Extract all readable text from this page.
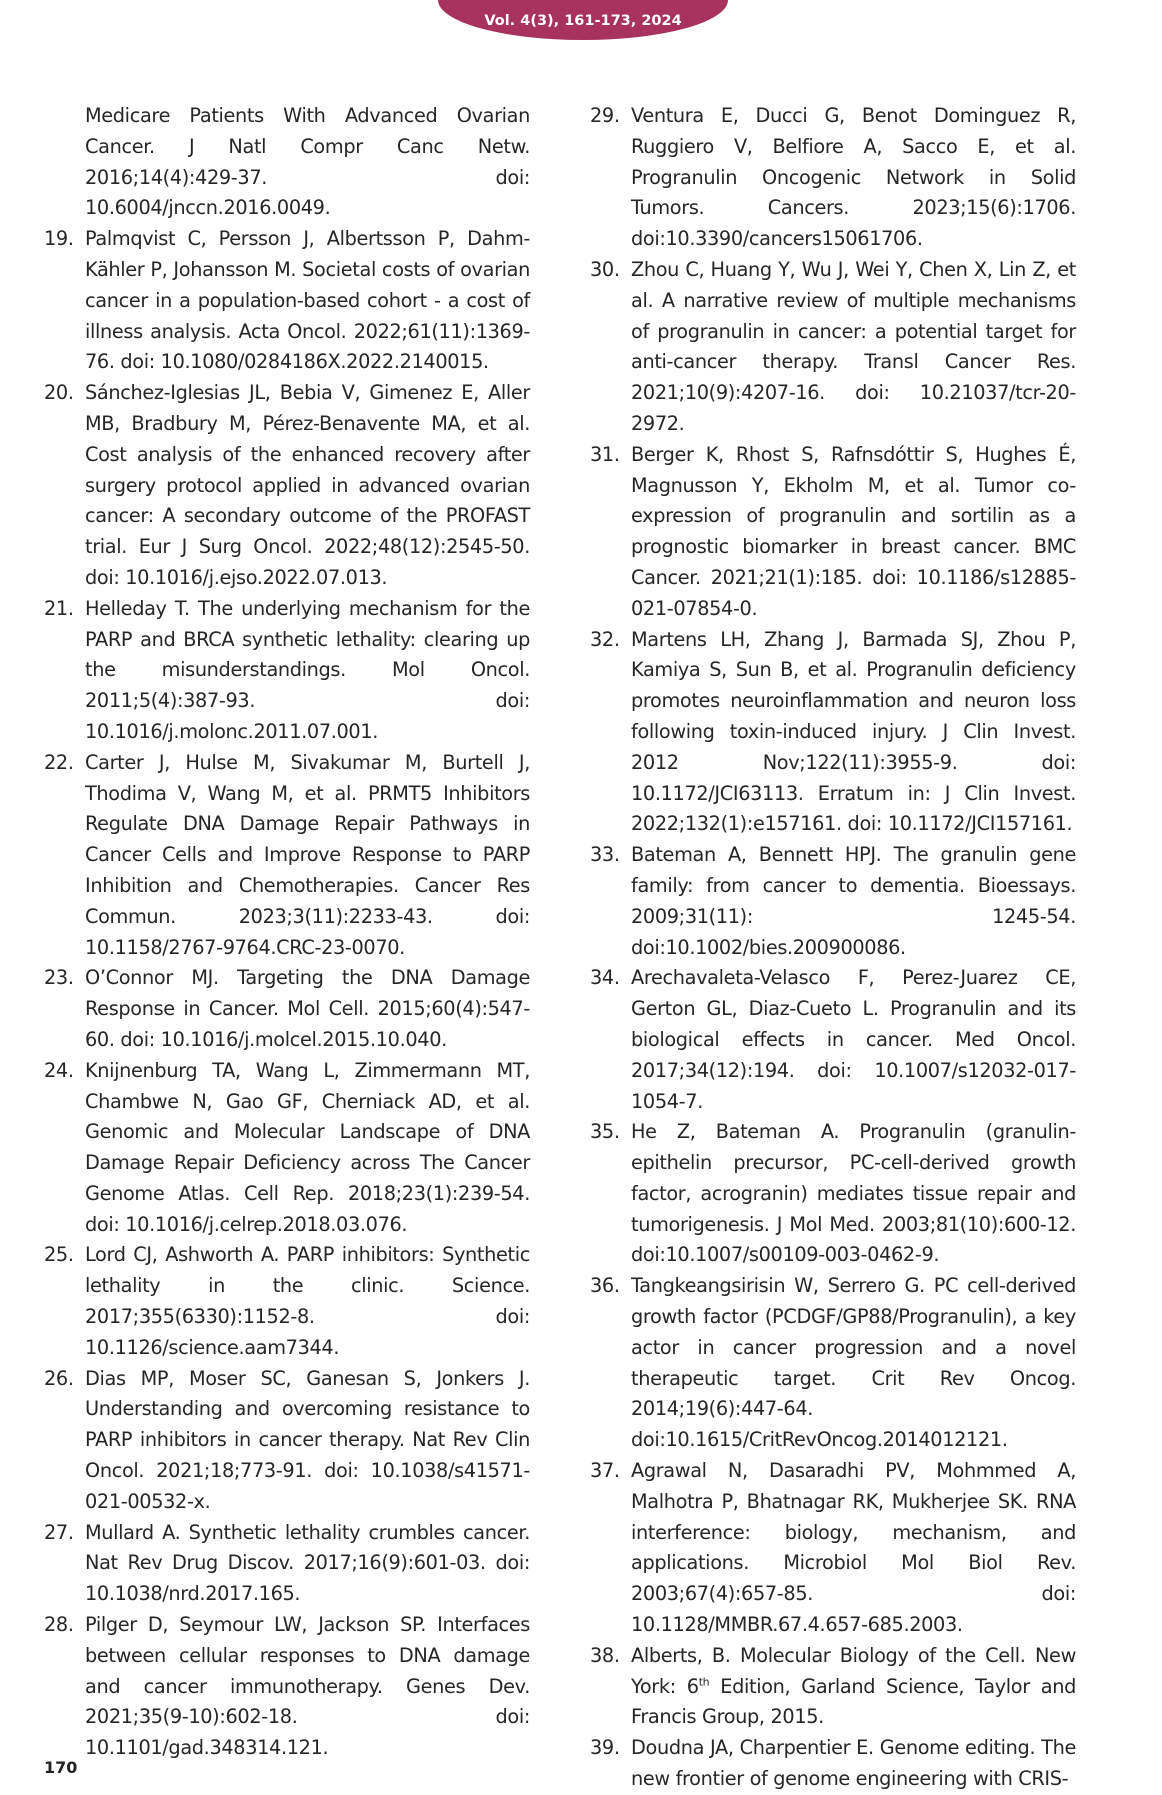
Vol. 4(3), 161-173, 2024
Medicare Patients With Advanced Ovarian Cancer. J Natl Compr Canc Netw. 2016;14(4):429-37. doi: 10.6004/jnccn.2016.0049.
19. Palmqvist C, Persson J, Albertsson P, Dahm-Kähler P, Johansson M. Societal costs of ovarian cancer in a population-based cohort - a cost of illness analysis. Acta Oncol. 2022;61(11):1369-76. doi: 10.1080/0284186X.2022.2140015.
20. Sánchez-Iglesias JL, Bebia V, Gimenez E, Aller MB, Bradbury M, Pérez-Benavente MA, et al. Cost analysis of the enhanced recovery after surgery protocol applied in advanced ovarian cancer: A secondary outcome of the PROFAST trial. Eur J Surg Oncol. 2022;48(12):2545-50. doi: 10.1016/j.ejso.2022.07.013.
21. Helleday T. The underlying mechanism for the PARP and BRCA synthetic lethality: clearing up the misunderstandings. Mol Oncol. 2011;5(4):387-93. doi: 10.1016/j.molonc.2011.07.001.
22. Carter J, Hulse M, Sivakumar M, Burtell J, Thodima V, Wang M, et al. PRMT5 Inhibitors Regulate DNA Damage Repair Pathways in Cancer Cells and Improve Response to PARP Inhibition and Chemotherapies. Cancer Res Commun. 2023;3(11):2233-43. doi: 10.1158/2767-9764.CRC-23-0070.
23. O’Connor MJ. Targeting the DNA Damage Response in Cancer. Mol Cell. 2015;60(4):547-60. doi: 10.1016/j.molcel.2015.10.040.
24. Knijnenburg TA, Wang L, Zimmermann MT, Chambwe N, Gao GF, Cherniack AD, et al. Genomic and Molecular Landscape of DNA Damage Repair Deficiency across The Cancer Genome Atlas. Cell Rep. 2018;23(1):239-54. doi: 10.1016/j.celrep.2018.03.076.
25. Lord CJ, Ashworth A. PARP inhibitors: Synthetic lethality in the clinic. Science. 2017;355(6330):1152-8. doi: 10.1126/science.aam7344.
26. Dias MP, Moser SC, Ganesan S, Jonkers J. Understanding and overcoming resistance to PARP inhibitors in cancer therapy. Nat Rev Clin Oncol. 2021;18;773-91. doi: 10.1038/s41571-021-00532-x.
27. Mullard A. Synthetic lethality crumbles cancer. Nat Rev Drug Discov. 2017;16(9):601-03. doi: 10.1038/nrd.2017.165.
28. Pilger D, Seymour LW, Jackson SP. Interfaces between cellular responses to DNA damage and cancer immunotherapy. Genes Dev. 2021;35(9-10):602-18. doi: 10.1101/gad.348314.121.
29. Ventura E, Ducci G, Benot Dominguez R, Ruggiero V, Belfiore A, Sacco E, et al. Progranulin Oncogenic Network in Solid Tumors. Cancers. 2023;15(6):1706. doi:10.3390/cancers15061706.
30. Zhou C, Huang Y, Wu J, Wei Y, Chen X, Lin Z, et al. A narrative review of multiple mechanisms of progranulin in cancer: a potential target for anti-cancer therapy. Transl Cancer Res. 2021;10(9):4207-16. doi: 10.21037/tcr-20-2972.
31. Berger K, Rhost S, Rafnsdóttir S, Hughes É, Magnusson Y, Ekholm M, et al. Tumor co-expression of progranulin and sortilin as a prognostic biomarker in breast cancer. BMC Cancer. 2021;21(1):185. doi: 10.1186/s12885-021-07854-0.
32. Martens LH, Zhang J, Barmada SJ, Zhou P, Kamiya S, Sun B, et al. Progranulin deficiency promotes neuroinflammation and neuron loss following toxin-induced injury. J Clin Invest. 2012 Nov;122(11):3955-9. doi: 10.1172/JCI63113. Erratum in: J Clin Invest. 2022;132(1):e157161. doi: 10.1172/JCI157161.
33. Bateman A, Bennett HPJ. The granulin gene family: from cancer to dementia. Bioessays. 2009;31(11): 1245-54. doi:10.1002/bies.200900086.
34. Arechavaleta-Velasco F, Perez-Juarez CE, Gerton GL, Diaz-Cueto L. Progranulin and its biological effects in cancer. Med Oncol. 2017;34(12):194. doi: 10.1007/s12032-017-1054-7.
35. He Z, Bateman A. Progranulin (granulin-epithelin precursor, PC-cell-derived growth factor, acrogranin) mediates tissue repair and tumorigenesis. J Mol Med. 2003;81(10):600-12. doi:10.1007/s00109-003-0462-9.
36. Tangkeangsirisin W, Serrero G. PC cell-derived growth factor (PCDGF/GP88/Progranulin), a key actor in cancer progression and a novel therapeutic target. Crit Rev Oncog. 2014;19(6):447-64. doi:10.1615/CritRevOncog.2014012121.
37. Agrawal N, Dasaradhi PV, Mohmmed A, Malhotra P, Bhatnagar RK, Mukherjee SK. RNA interference: biology, mechanism, and applications. Microbiol Mol Biol Rev. 2003;67(4):657-85. doi: 10.1128/MMBR.67.4.657-685.2003.
38. Alberts, B. Molecular Biology of the Cell. New York: 6th Edition, Garland Science, Taylor and Francis Group, 2015.
39. Doudna JA, Charpentier E. Genome editing. The new frontier of genome engineering with CRIS-
170
